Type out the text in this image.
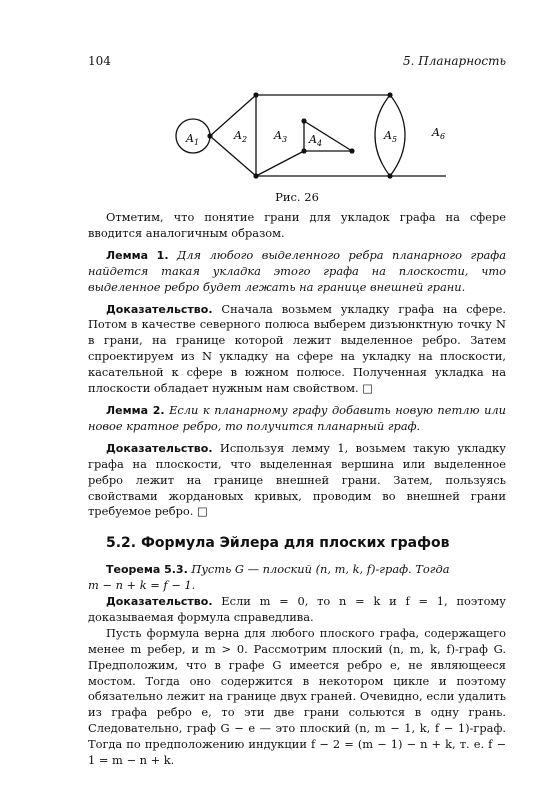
104	5. Планарность
$A_1$
$A_2$ $A_3$ $A_4$
$A_5$
$A_6$
Рис. 26

Отметим, что понятие грани для укладок графа на сфере вводится аналогичным образом.

Лемма 1. Для любого выделенного ребра планарного графа найдется такая укладка этого графа на плоскости, что выделенное ребро будет лежать на границе внешней грани.

Доказательство. Сначала возьмем укладку графа на сфере. Потом в качестве северного полюса выберем дизъюнктную точку N в грани, на границе которой лежит выделенное ребро. Затем спроектируем из N укладку на сфере на укладку на плоскости, касательной к сфере в южном полюсе. Полученная укладка на плоскости обладает нужным нам свойством. □

Лемма 2. Если к планарному графу добавить новую петлю или новое кратное ребро, то получится планарный граф.

Доказательство. Используя лемму 1, возьмем такую укладку графа на плоскости, что выделенная вершина или выделенное ребро лежит на границе внешней грани. Затем, пользуясь свойствами жордановых кривых, проводим во внешней грани требуемое ребро. □

5.2. Формула Эйлера для плоских графов

Теорема 5.3. Пусть G — плоский (n, m, k, f)-граф. Тогда

m − n + k = f − 1.

Доказательство. Если m = 0, то n = k и f = 1, поэтому доказываемая формула справедлива.

Пусть формула верна для любого плоского графа, содержащего менее m ребер, и m > 0. Рассмотрим плоский (n, m, k, f)-граф G. Предположим, что в графе G имеется ребро e, не являющееся мостом. Тогда оно содержится в некотором цикле и поэтому обязательно лежит на границе двух граней. Очевидно, если удалить из графа ребро e, то эти две грани сольются в одну грань. Следовательно, граф G − e — это плоский (n, m − 1, k, f − 1)-граф. Тогда по предположению индукции f − 2 = (m − 1) − n + k, т. е. f − 1 = m − n + k.
